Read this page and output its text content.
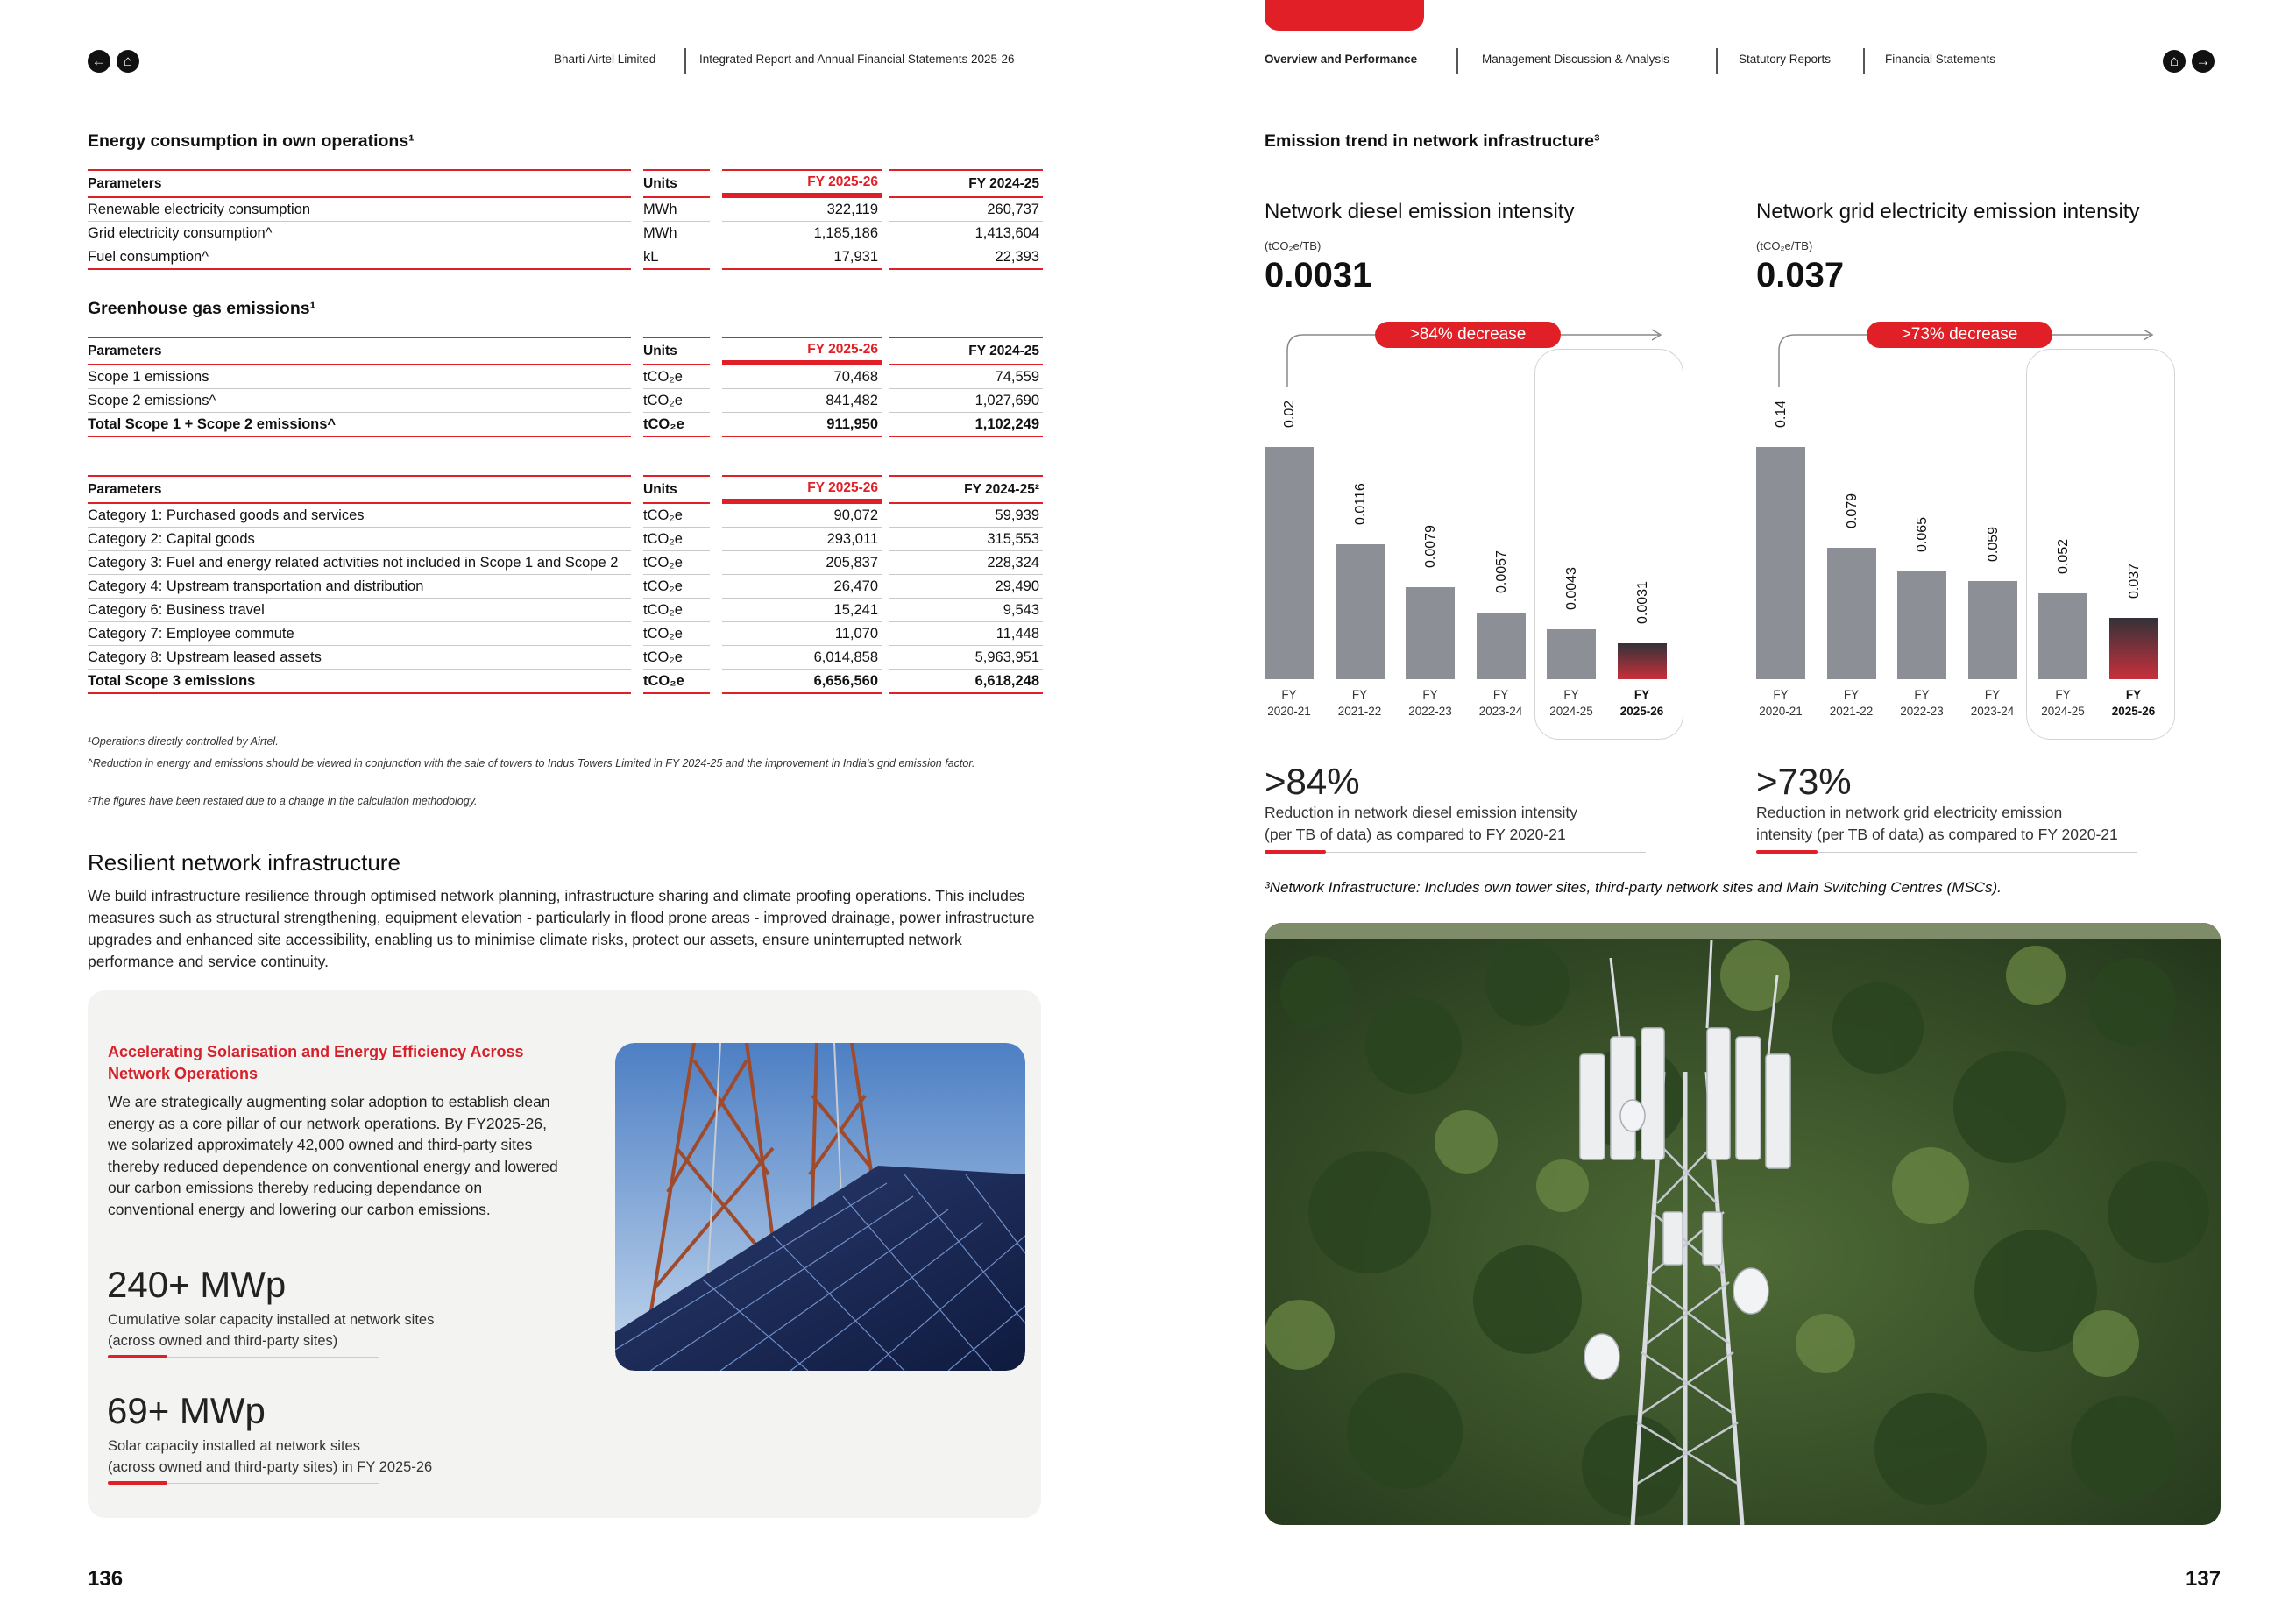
←	⌂	Bharti Airtel Limited	Integrated Report and Annual Financial Statements 2025-26
Energy consumption in own operations¹
Parameters		Units		FY 2025-26		FY 2024-25
Renewable electricity consumption		MWh		322,119		260,737
Grid electricity consumption^		MWh		1,185,186		1,413,604
Fuel consumption^		kL		17,931		22,393
Greenhouse gas emissions¹
Parameters		Units		FY 2025-26		FY 2024-25
Scope 1 emissions		tCO₂e		70,468		74,559
Scope 2 emissions^		tCO₂e		841,482		1,027,690
Total Scope 1 + Scope 2 emissions^		tCO₂e		911,950		1,102,249
Parameters		Units		FY 2025-26		FY 2024-25²
Category 1: Purchased goods and services		tCO₂e		90,072		59,939
Category 2: Capital goods		tCO₂e		293,011		315,553
Category 3: Fuel and energy related activities not included in Scope 1 and Scope 2		tCO₂e		205,837		228,324
Category 4: Upstream transportation and distribution		tCO₂e		26,470		29,490
Category 6: Business travel		tCO₂e		15,241		9,543
Category 7: Employee commute		tCO₂e		11,070		11,448
Category 8: Upstream leased assets		tCO₂e		6,014,858		5,963,951
Total Scope 3 emissions		tCO₂e		6,656,560		6,618,248
¹Operations directly controlled by Airtel.
^Reduction in energy and emissions should be viewed in conjunction with the sale of towers to Indus Towers Limited in FY 2024-25 and the improvement in India's grid emission factor.
²The figures have been restated due to a change in the calculation methodology.
Resilient network infrastructure
We build infrastructure resilience through optimised network planning, infrastructure sharing and climate proofing operations. This includes measures such as structural strengthening, equipment elevation - particularly in flood prone areas - improved drainage, power infrastructure upgrades and enhanced site accessibility, enabling us to minimise climate risks, protect our assets, ensure uninterrupted network performance and service continuity.
Accelerating Solarisation and Energy Efficiency Across Network Operations
We are strategically augmenting solar adoption to establish clean energy as a core pillar of our network operations. By FY2025-26, we solarized approximately 42,000 owned and third-party sites thereby reduced dependence on conventional energy and lowered our carbon emissions thereby reducing dependance on conventional energy and lowering our carbon emissions.
240+ MWp
Cumulative solar capacity installed at network sites
(across owned and third-party sites)
69+ MWp
Solar capacity installed at network sites
(across owned and third-party sites) in FY 2025-26
136
Overview and Performance	Management Discussion & Analysis	Statutory Reports	Financial Statements	⌂	→
Emission trend in network infrastructure³
Network diesel emission intensity
(tCO₂e/TB)
0.0031
>84% decrease
0.02
FY
2020-21
0.0116
FY
2021-22
0.0079
FY
2022-23
0.0057
FY
2023-24
0.0043
FY
2024-25
0.0031
FY
2025-26
Network grid electricity emission intensity
(tCO₂e/TB)
0.037
>73% decrease
0.14
FY
2020-21
0.079
FY
2021-22
0.065
FY
2022-23
0.059
FY
2023-24
0.052
FY
2024-25
0.037
FY
2025-26
>84%
Reduction in network diesel emission intensity
(per TB of data) as compared to FY 2020-21
>73%
Reduction in network grid electricity emission
intensity (per TB of data) as compared to FY 2020-21
³Network Infrastructure: Includes own tower sites, third-party network sites and Main Switching Centres (MSCs).
137
